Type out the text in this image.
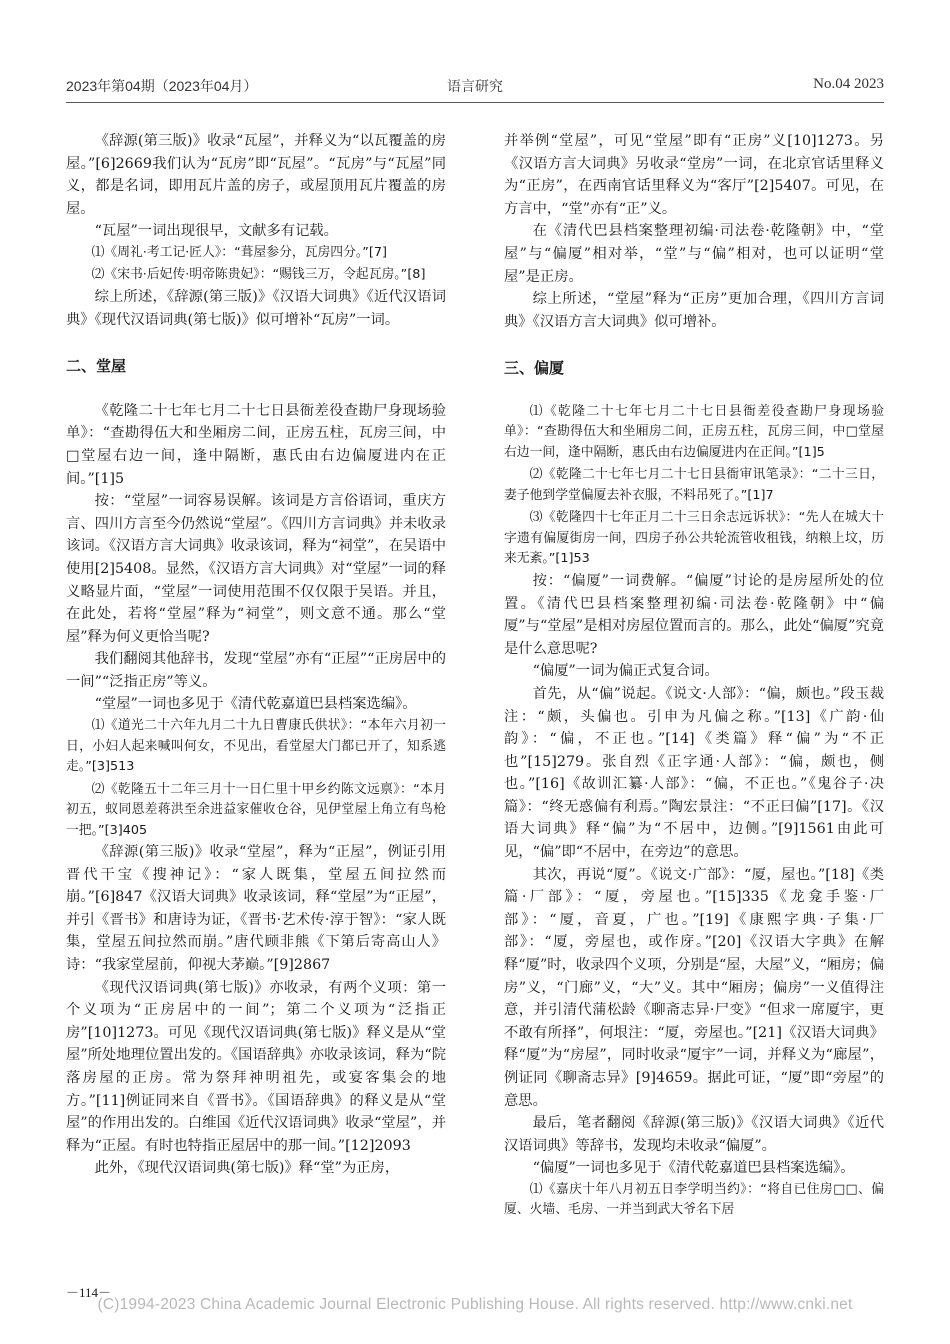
2023年第04期（2023年04月）	语言研究	No.04 2023

《辞源(第三版)》收录“瓦屋”，并释义为“以瓦覆盖的房屋。”[6]2669我们认为“瓦房”即“瓦屋”。“瓦房”与“瓦屋”同义，都是名词，即用瓦片盖的房子，或屋顶用瓦片覆盖的房屋。

“瓦屋”一词出现很早，文献多有记载。

⑴《周礼·考工记·匠人》：“葺屋参分，瓦房四分。”[7]

⑵《宋书·后妃传·明帝陈贵妃》：“赐钱三万，令起瓦房。”[8]

综上所述，《辞源(第三版)》《汉语大词典》《近代汉语词典》《现代汉语词典(第七版)》似可增补“瓦房”一词。

二、堂屋

《乾隆二十七年七月二十七日县衙差役查勘尸身现场验单》：“查勘得伍大和坐厢房二间，正房五柱，瓦房三间，中□堂屋右边一间，逢中隔断，惠氏由右边偏厦进内在正间。”[1]5

按：“堂屋”一词容易误解。该词是方言俗语词，重庆方言、四川方言至今仍然说“堂屋”。《四川方言词典》并未收录该词。《汉语方言大词典》收录该词，释为“祠堂”，在吴语中使用[2]5408。显然，《汉语方言大词典》对“堂屋”一词的释义略显片面，“堂屋”一词使用范围不仅仅限于吴语。并且，在此处，若将“堂屋”释为“祠堂”，则文意不通。那么“堂屋”释为何义更恰当呢?

我们翻阅其他辞书，发现“堂屋”亦有“正屋”“正房居中的一间”“泛指正房”等义。

“堂屋”一词也多见于《清代乾嘉道巴县档案选编》。

⑴《道光二十六年九月二十九日曹康氏供状》：“本年六月初一日，小妇人起来喊叫何女，不见出，看堂屋大门都已开了，知系逃走。”[3]513

⑵《乾隆五十二年三月十一日仁里十甲乡约陈文远禀》：“本月初五，蚁同恩差蒋洪至余进益家催收仓谷，见伊堂屋上角立有鸟枪一把。”[3]405

《辞源(第三版)》收录“堂屋”，释为“正屋”，例证引用晋代干宝《搜神记》：“家人既集，堂屋五间拉然而崩。”[6]847《汉语大词典》收录该词，释“堂屋”为“正屋”，并引《晋书》和唐诗为证，《晋书·艺术传·淳于智》：“家人既集，堂屋五间拉然而崩。”唐代顾非熊《下第后寄高山人》诗：“我家堂屋前，仰视大茅巅。”[9]2867

《现代汉语词典(第七版)》亦收录，有两个义项：第一个义项为“正房居中的一间”；第二个义项为“泛指正房”[10]1273。可见《现代汉语词典(第七版)》释义是从“堂屋”所处地理位置出发的。《国语辞典》亦收录该词，释为“院落房屋的正房。常为祭拜神明祖先，或宴客集会的地方。”[11]例证同来自《晋书》。《国语辞典》的释义是从“堂屋”的作用出发的。白维国《近代汉语词典》收录“堂屋”，并释为“正屋。有时也特指正屋居中的那一间。”[12]2093

此外，《现代汉语词典(第七版)》释“堂”为正房，

并举例“堂屋”，可见“堂屋”即有“正房”义[10]1273。另《汉语方言大词典》另收录“堂房”一词，在北京官话里释义为“正房”，在西南官话里释义为“客厅”[2]5407。可见，在方言中，“堂”亦有“正”义。

在《清代巴县档案整理初编·司法卷·乾隆朝》中，“堂屋”与“偏厦”相对举，“堂”与“偏”相对，也可以证明“堂屋”是正房。

综上所述，“堂屋”释为“正房”更加合理，《四川方言词典》《汉语方言大词典》似可增补。

三、偏厦

⑴《乾隆二十七年七月二十七日县衙差役查勘尸身现场验单》：“查勘得伍大和坐厢房二间，正房五柱，瓦房三间，中□堂屋右边一间，逢中隔断，惠氏由右边偏厦进内在正间。”[1]5

⑵《乾隆二十七年七月二十七日县衙审讯笔录》：“二十三日，妻子他到学堂偏厦去补衣服，不料吊死了。”[1]7

⑶《乾隆四十七年正月二十三日余志远诉状》：“先人在城大十字遗有偏厦街房一间，四房子孙公共轮流管收租钱，纳粮上坟，历来无紊。”[1]53

按：“偏厦”一词费解。“偏厦”讨论的是房屋所处的位置。《清代巴县档案整理初编·司法卷·乾隆朝》中“偏厦”与“堂屋”是相对房屋位置而言的。那么，此处“偏厦”究竟是什么意思呢?

“偏厦”一词为偏正式复合词。

首先，从“偏”说起。《说文·人部》：“偏，颇也。”段玉裁注：“颇，头偏也。引申为凡偏之称。”[13]《广韵·仙韵》：“偏，不正也。”[14]《类篇》释“偏”为“不正也”[15]279。张自烈《正字通·人部》：“偏，颇也，侧也。”[16]《故训汇纂·人部》：“偏，不正也。”《鬼谷子·决篇》：“终无惑偏有利焉。”陶宏景注：“不正曰偏”[17]。《汉语大词典》释“偏”为“不居中，边侧。”[9]1561由此可见，“偏”即“不居中，在旁边”的意思。

其次，再说“厦”。《说文·广部》：“厦，屋也。”[18]《类篇·厂部》：“厦，旁屋也。”[15]335《龙龛手鉴·厂部》：“厦，音夏，广也。”[19]《康熙字典·子集·厂部》：“厦，旁屋也，或作庌。”[20]《汉语大字典》在解释“厦”时，收录四个义项，分别是“屋，大屋”义，“厢房；偏房”义，“门廊”义，“大”义。其中“厢房；偏房”一义值得注意，并引清代蒲松龄《聊斋志异·尸变》“但求一席厦宇，更不敢有所择”，何垠注：“厦，旁屋也。”[21]《汉语大词典》释“厦”为“房屋”，同时收录“厦宇”一词，并释义为“廊屋”，例证同《聊斋志异》[9]4659。据此可证，“厦”即“旁屋”的意思。

最后，笔者翻阅《辞源(第三版)》《汉语大词典》《近代汉语词典》等辞书，发现均未收录“偏厦”。

“偏厦”一词也多见于《清代乾嘉道巴县档案选编》。

⑴《嘉庆十年八月初五日李学明当约》：“将自已住房□□、偏厦、火墙、毛房、一并当到武大爷名下居

－114－
(C)1994-2023 China Academic Journal Electronic Publishing House. All rights reserved. http://www.cnki.net
